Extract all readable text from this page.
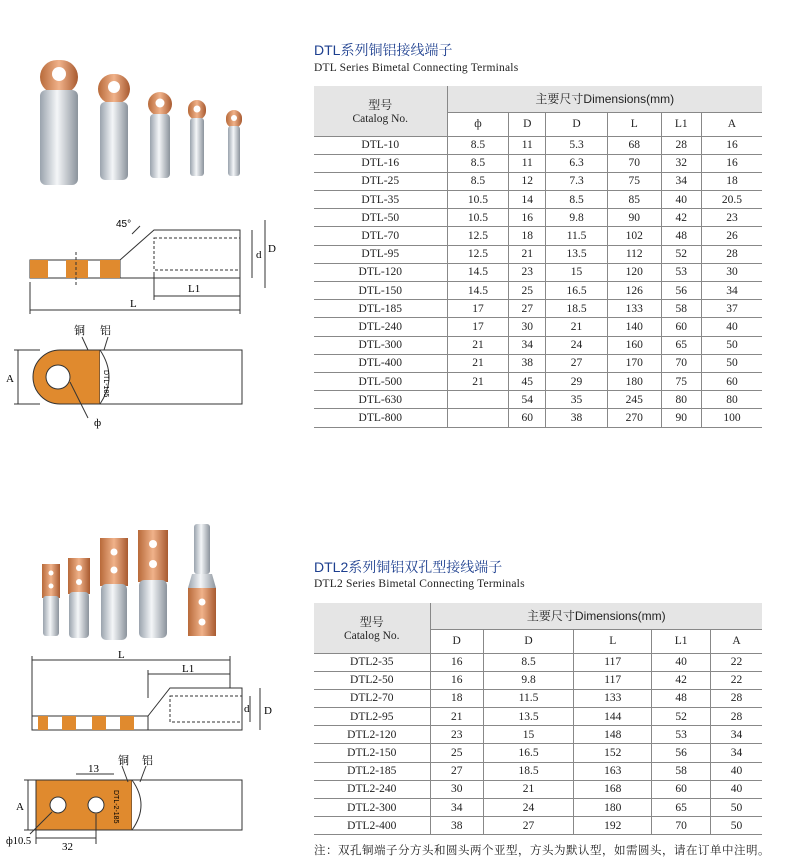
DTL系列铜铝接线端子
DTL Series Bimetal Connecting Terminals
45°
d D
L1
L
铜 铝
A
ф
DTL-185
型号
Catalog No.	主要尺寸Dimensions(mm)					
	ф	D	D	L	L1	A
DTL-10	8.5	11	5.3	68	28	16
DTL-16	8.5	11	6.3	70	32	16
DTL-25	8.5	12	7.3	75	34	18
DTL-35	10.5	14	8.5	85	40	20.5
DTL-50	10.5	16	9.8	90	42	23
DTL-70	12.5	18	11.5	102	48	26
DTL-95	12.5	21	13.5	112	52	28
DTL-120	14.5	23	15	120	53	30
DTL-150	14.5	25	16.5	126	56	34
DTL-185	17	27	18.5	133	58	37
DTL-240	17	30	21	140	60	40
DTL-300	21	34	24	160	65	50
DTL-400	21	38	27	170	70	50
DTL-500	21	45	29	180	75	60
DTL-630		54	35	245	80	80
DTL-800		60	38	270	90	100
DTL2系列铜铝双孔型接线端子
DTL2 Series Bimetal Connecting Terminals
L
L1
d D
13
铜 铝
A
ф10.5	32
DTL-2-185
型号
Catalog No.	主要尺寸Dimensions(mm)				
	D	D	L	L1	A
DTL2-35	16	8.5	117	40	22
DTL2-50	16	9.8	117	42	22
DTL2-70	18	11.5	133	48	28
DTL2-95	21	13.5	144	52	28
DTL2-120	23	15	148	53	34
DTL2-150	25	16.5	152	56	34
DTL2-185	27	18.5	163	58	40
DTL2-240	30	21	168	60	40
DTL2-300	34	24	180	65	50
DTL2-400	38	27	192	70	50
注：双孔铜端子分方头和圆头两个亚型，方头为默认型，如需圆头，请在订单中注明。
